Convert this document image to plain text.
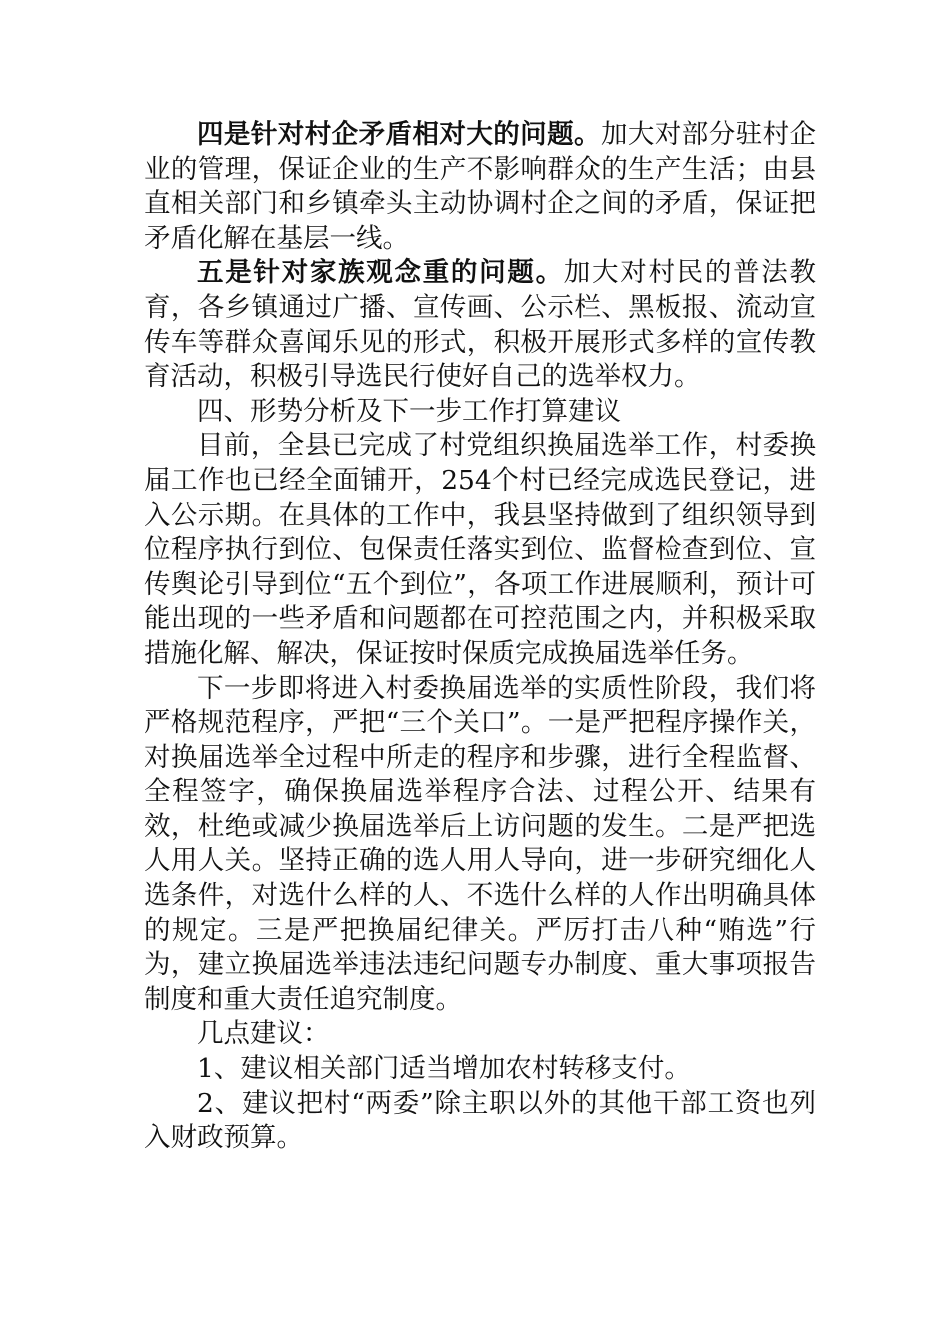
四是针对村企矛盾相对大的问题。加大对部分驻村企业的管理，保证企业的生产不影响群众的生产生活；由县直相关部门和乡镇牵头主动协调村企之间的矛盾，保证把矛盾化解在基层一线。

五是针对家族观念重的问题。加大对村民的普法教育，各乡镇通过广播、宣传画、公示栏、黑板报、流动宣传车等群众喜闻乐见的形式，积极开展形式多样的宣传教育活动，积极引导选民行使好自己的选举权力。

四、形势分析及下一步工作打算建议

目前，全县已完成了村党组织换届选举工作，村委换届工作也已经全面铺开，254个村已经完成选民登记，进入公示期。在具体的工作中，我县坚持做到了组织领导到位程序执行到位、包保责任落实到位、监督检查到位、宣传舆论引导到位“五个到位”，各项工作进展顺利，预计可能出现的一些矛盾和问题都在可控范围之内，并积极采取措施化解、解决，保证按时保质完成换届选举任务。

下一步即将进入村委换届选举的实质性阶段，我们将严格规范程序，严把“三个关口”。一是严把程序操作关，对换届选举全过程中所走的程序和步骤，进行全程监督、全程签字，确保换届选举程序合法、过程公开、结果有效，杜绝或减少换届选举后上访问题的发生。二是严把选人用人关。坚持正确的选人用人导向，进一步研究细化人选条件，对选什么样的人、不选什么样的人作出明确具体的规定。三是严把换届纪律关。严厉打击八种“贿选”行为，建立换届选举违法违纪问题专办制度、重大事项报告制度和重大责任追究制度。

几点建议：

1、建议相关部门适当增加农村转移支付。

2、建议把村“两委”除主职以外的其他干部工资也列入财政预算。
